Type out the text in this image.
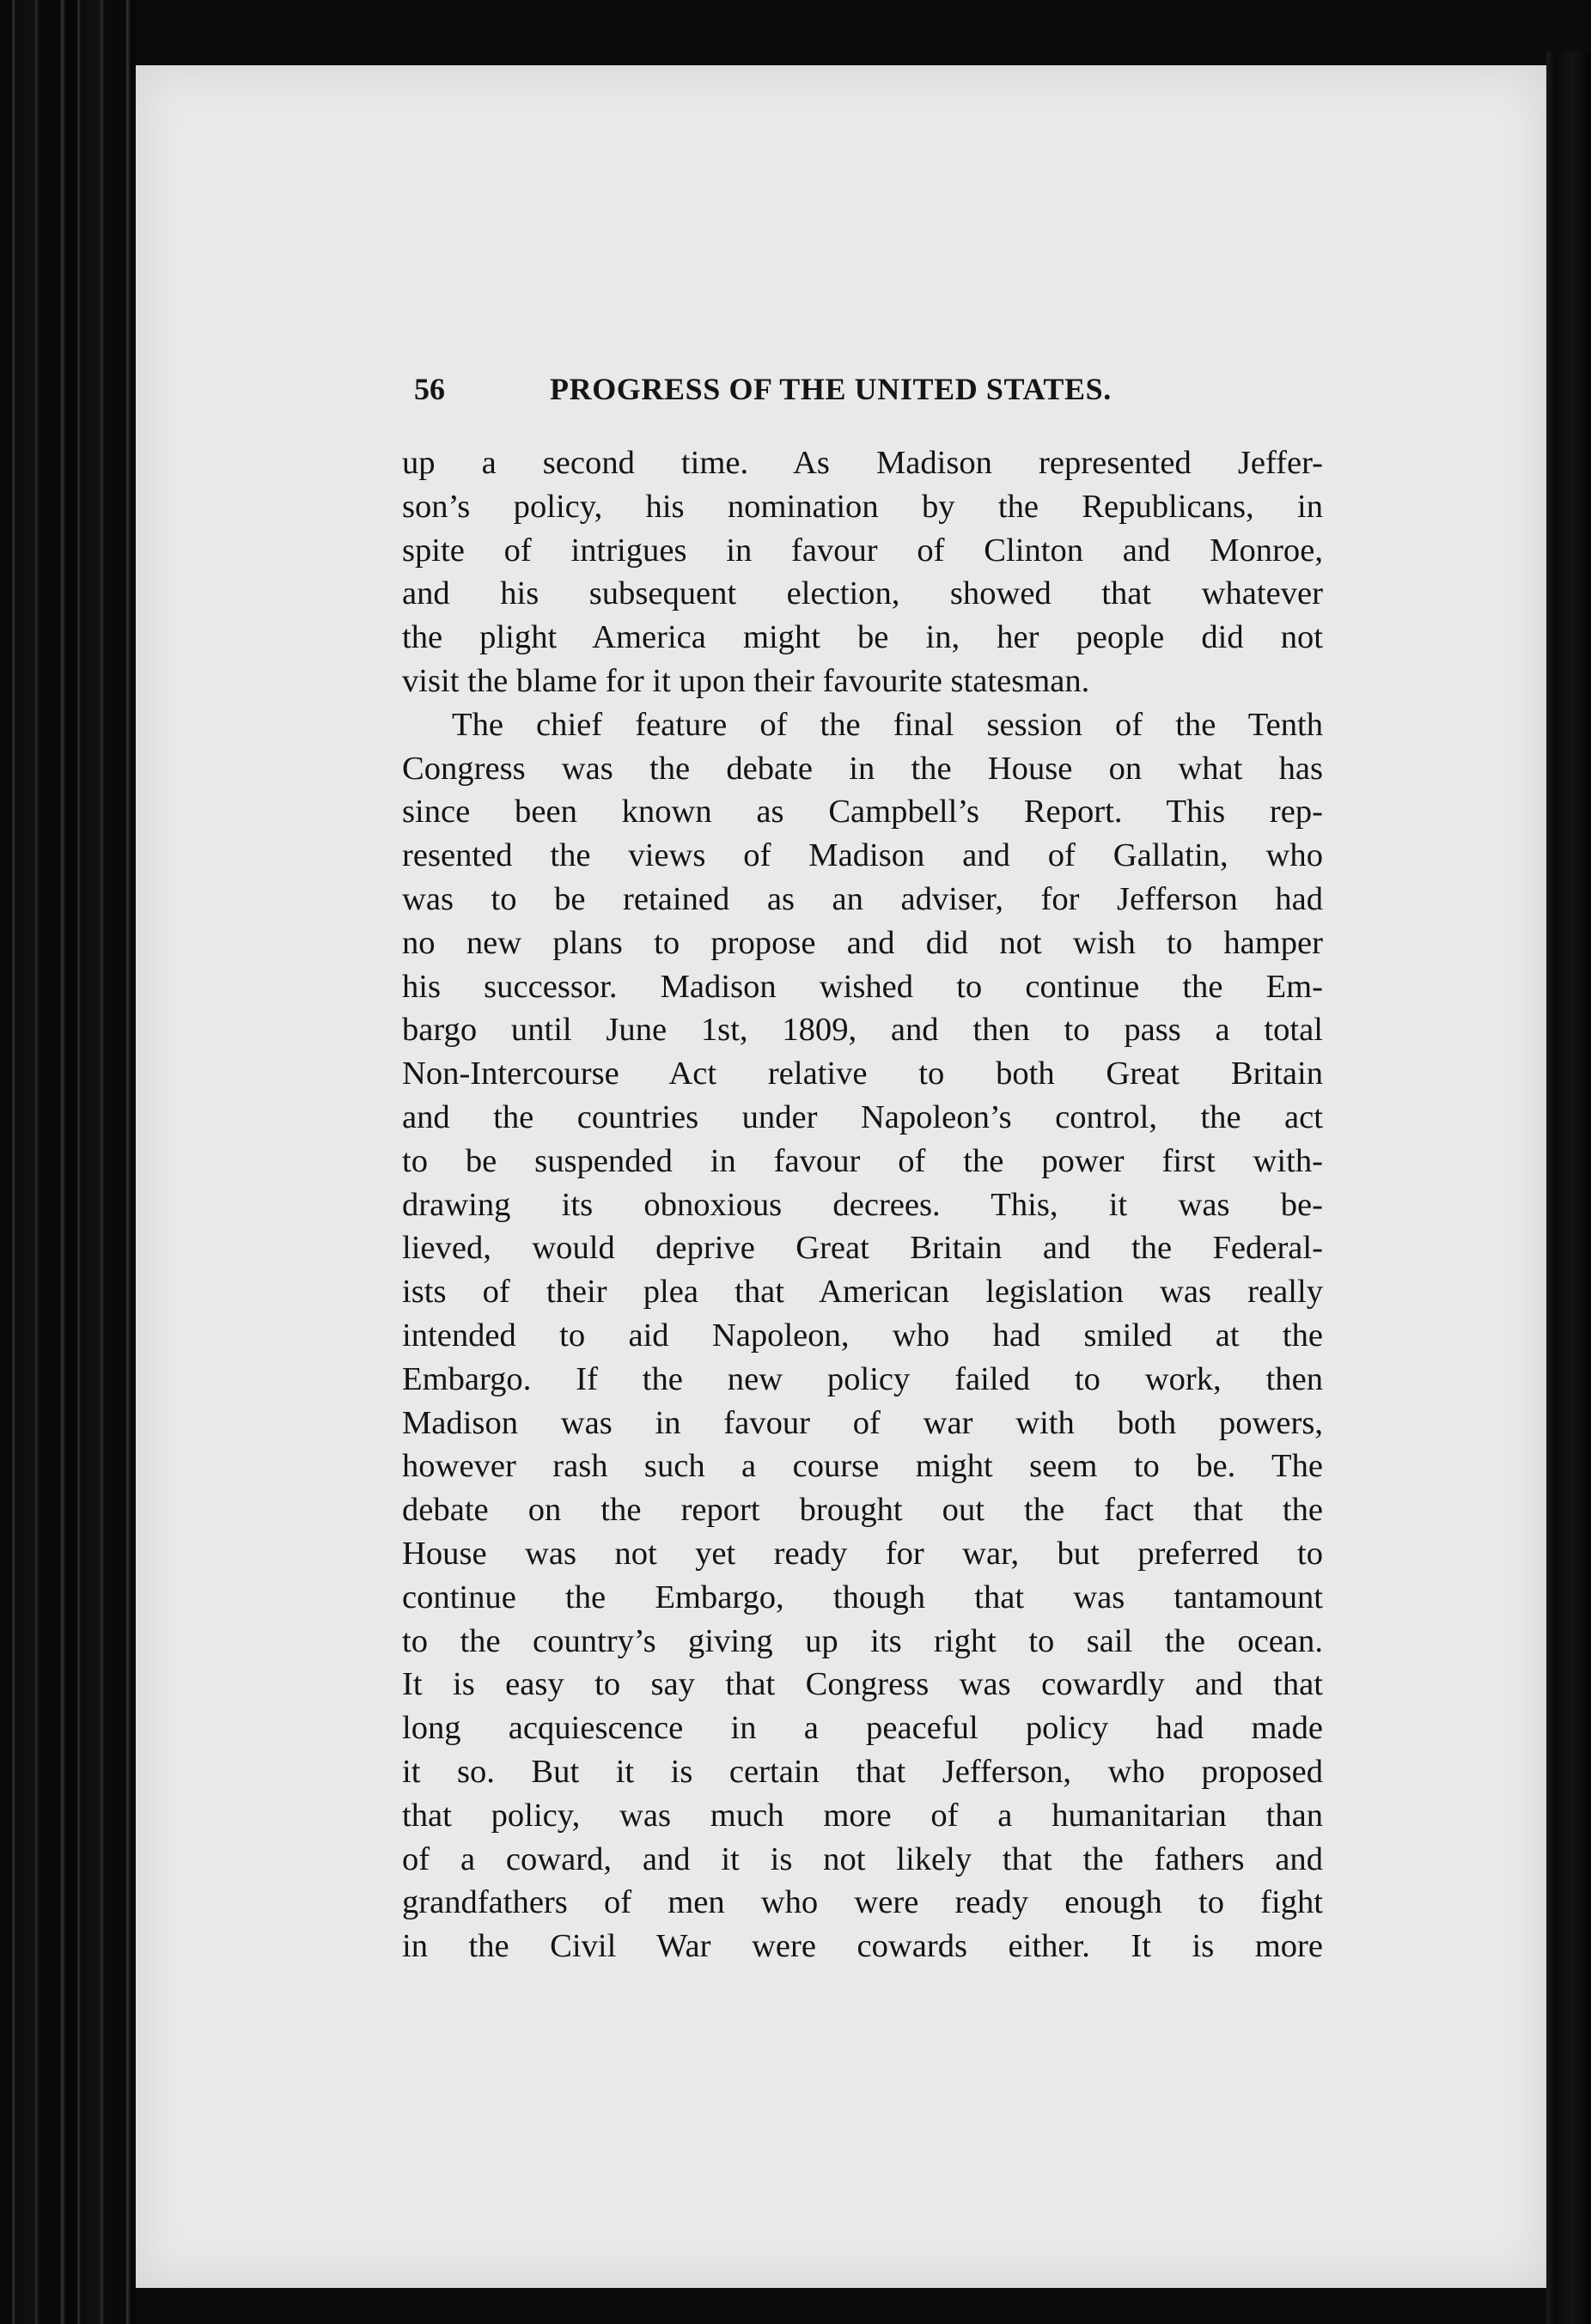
56	PROGRESS OF THE UNITED STATES.

up a second time. As Madison represented Jeffer-
son’s policy, his nomination by the Republicans, in
spite of intrigues in favour of Clinton and Monroe,
and his subsequent election, showed that whatever
the plight America might be in, her people did not
visit the blame for it upon their favourite statesman.

The chief feature of the final session of the Tenth
Congress was the debate in the House on what has
since been known as Campbell’s Report. This rep-
resented the views of Madison and of Gallatin, who
was to be retained as an adviser, for Jefferson had
no new plans to propose and did not wish to hamper
his successor. Madison wished to continue the Em-
bargo until June 1st, 1809, and then to pass a total
Non-Intercourse Act relative to both Great Britain
and the countries under Napoleon’s control, the act
to be suspended in favour of the power first with-
drawing its obnoxious decrees. This, it was be-
lieved, would deprive Great Britain and the Federal-
ists of their plea that American legislation was really
intended to aid Napoleon, who had smiled at the
Embargo. If the new policy failed to work, then
Madison was in favour of war with both powers,
however rash such a course might seem to be. The
debate on the report brought out the fact that the
House was not yet ready for war, but preferred to
continue the Embargo, though that was tantamount
to the country’s giving up its right to sail the ocean.
It is easy to say that Congress was cowardly and that
long acquiescence in a peaceful policy had made
it so. But it is certain that Jefferson, who proposed
that policy, was much more of a humanitarian than
of a coward, and it is not likely that the fathers and
grandfathers of men who were ready enough to fight
in the Civil War were cowards either. It is more
